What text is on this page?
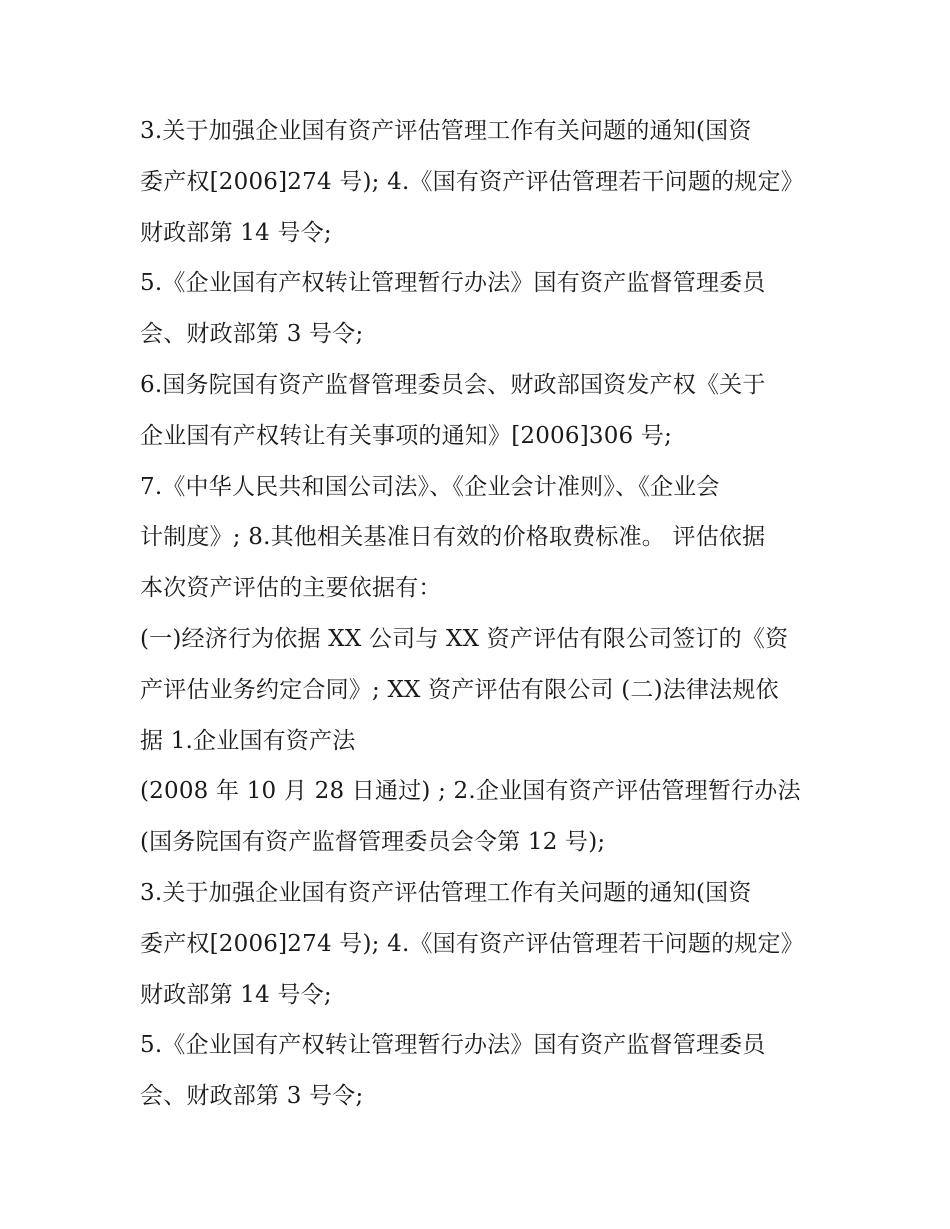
3.关于加强企业国有资产评估管理工作有关问题的通知(国资
委产权[2006]274 号); 4.《国有资产评估管理若干问题的规定》
财政部第 14 号令;
5.《企业国有产权转让管理暂行办法》国有资产监督管理委员
会、财政部第 3 号令;
6.国务院国有资产监督管理委员会、财政部国资发产权《关于
企业国有产权转让有关事项的通知》[2006]306 号;
7.《中华人民共和国公司法》、《企业会计准则》、《企业会
计制度》; 8.其他相关基准日有效的价格取费标准。 评估依据
本次资产评估的主要依据有：
(一)经济行为依据 XX 公司与 XX 资产评估有限公司签订的《资
产评估业务约定合同》; XX 资产评估有限公司 (二)法律法规依
据 1.企业国有资产法
(2008 年 10 月 28 日通过) ; 2.企业国有资产评估管理暂行办法
(国务院国有资产监督管理委员会令第 12 号);
3.关于加强企业国有资产评估管理工作有关问题的通知(国资
委产权[2006]274 号); 4.《国有资产评估管理若干问题的规定》
财政部第 14 号令;
5.《企业国有产权转让管理暂行办法》国有资产监督管理委员
会、财政部第 3 号令;
